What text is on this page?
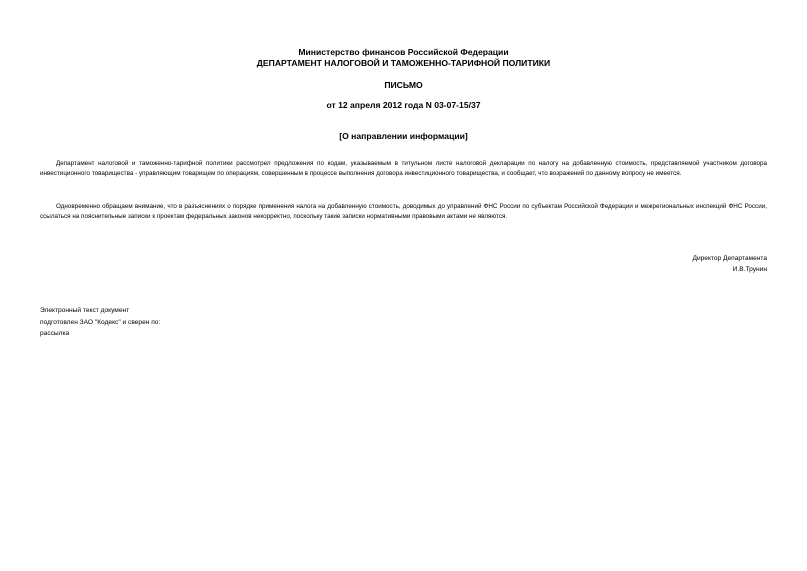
Министерство финансов Российской Федерации
ДЕПАРТАМЕНТ НАЛОГОВОЙ И ТАМОЖЕННО-ТАРИФНОЙ ПОЛИТИКИ
ПИСЬМО
от 12 апреля 2012 года N 03-07-15/37
[О направлении информации]
Департамент налоговой и таможенно-тарифной политики рассмотрел предложения по кодам, указываемым в титульном листе налоговой декларации по налогу на добавленную стоимость, представляемой участником договора инвестиционного товарищества - управляющим товарищем по операциям, совершенным в процессе выполнения договора инвестиционного товарищества, и сообщает, что возражений по данному вопросу не имеется.
Одновременно обращаем внимание, что в разъяснениях о порядке применения налога на добавленную стоимость, доводимых до управлений ФНС России по субъектам Российской Федерации и межрегиональных инспекций ФНС России, ссылаться на пояснительные записки к проектам федеральных законов некорректно, поскольку такие записки нормативными правовыми актами не являются.
Директор Департамента
И.В.Трунин
Электронный текст документ
подготовлен ЗАО "Кодекс" и сверен по:
рассылка
